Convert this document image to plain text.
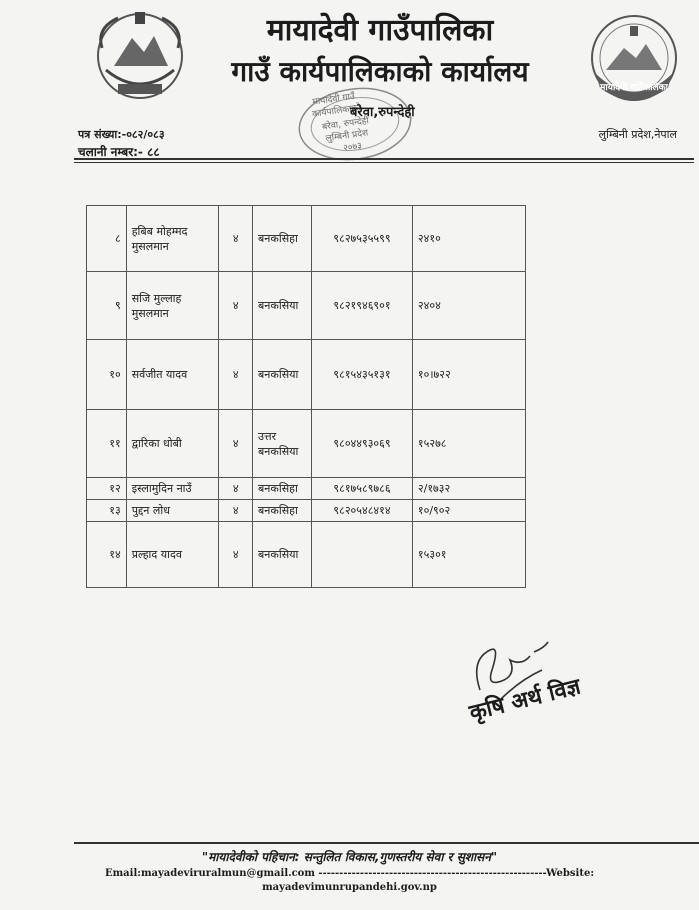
मायादेवी गाउँपालिका
गाउँ कार्यपालिकाको कार्यालय
मायादेवी गाउँ
कार्यपालिकाको
बरेवा, रुपन्देही
लुम्बिनी प्रदेश
२०७३
बरेवा,रुपन्देही
मायादेवी गाउँपालिका
पत्र संख्या:-०८२/०८३
चलानी नम्बर:- ८८
लुम्बिनी प्रदेश,नेपाल
८	हबिब मोहम्मद मुसलमान	४	बनकसिहा	९८२७५३५५९९	२४१०
९	सजि मुल्लाह मुसलमान	४	बनकसिया	९८२१९४६९०१	२४०४
१०	सर्वजीत यादव	४	बनकसिया	९८१५४३५१३१	१०।७२२
११	द्वारिका धोबी	४	उत्तर बनकसिया	९८०४४९३०६९	१५२७८
१२	इस्लामुदिन नाउँ	४	बनकसिहा	९८१७५८९७८६	२/१७३२
१३	पुद्दन लोध	४	बनकसिहा	९८२०५४८४१४	१०/९०२
१४	प्रल्हाद यादव	४	बनकसिया		१५३०१
कृषि अर्थ विज्ञ
"मायादेवीको पहिचान: सन्तुलित विकास,गुणस्तरीय सेवा र सुशासन"
Email:mayadeviruralmun@gmail.com -------------------------------------------------------Website:
mayadevimunrupandehi.gov.np
